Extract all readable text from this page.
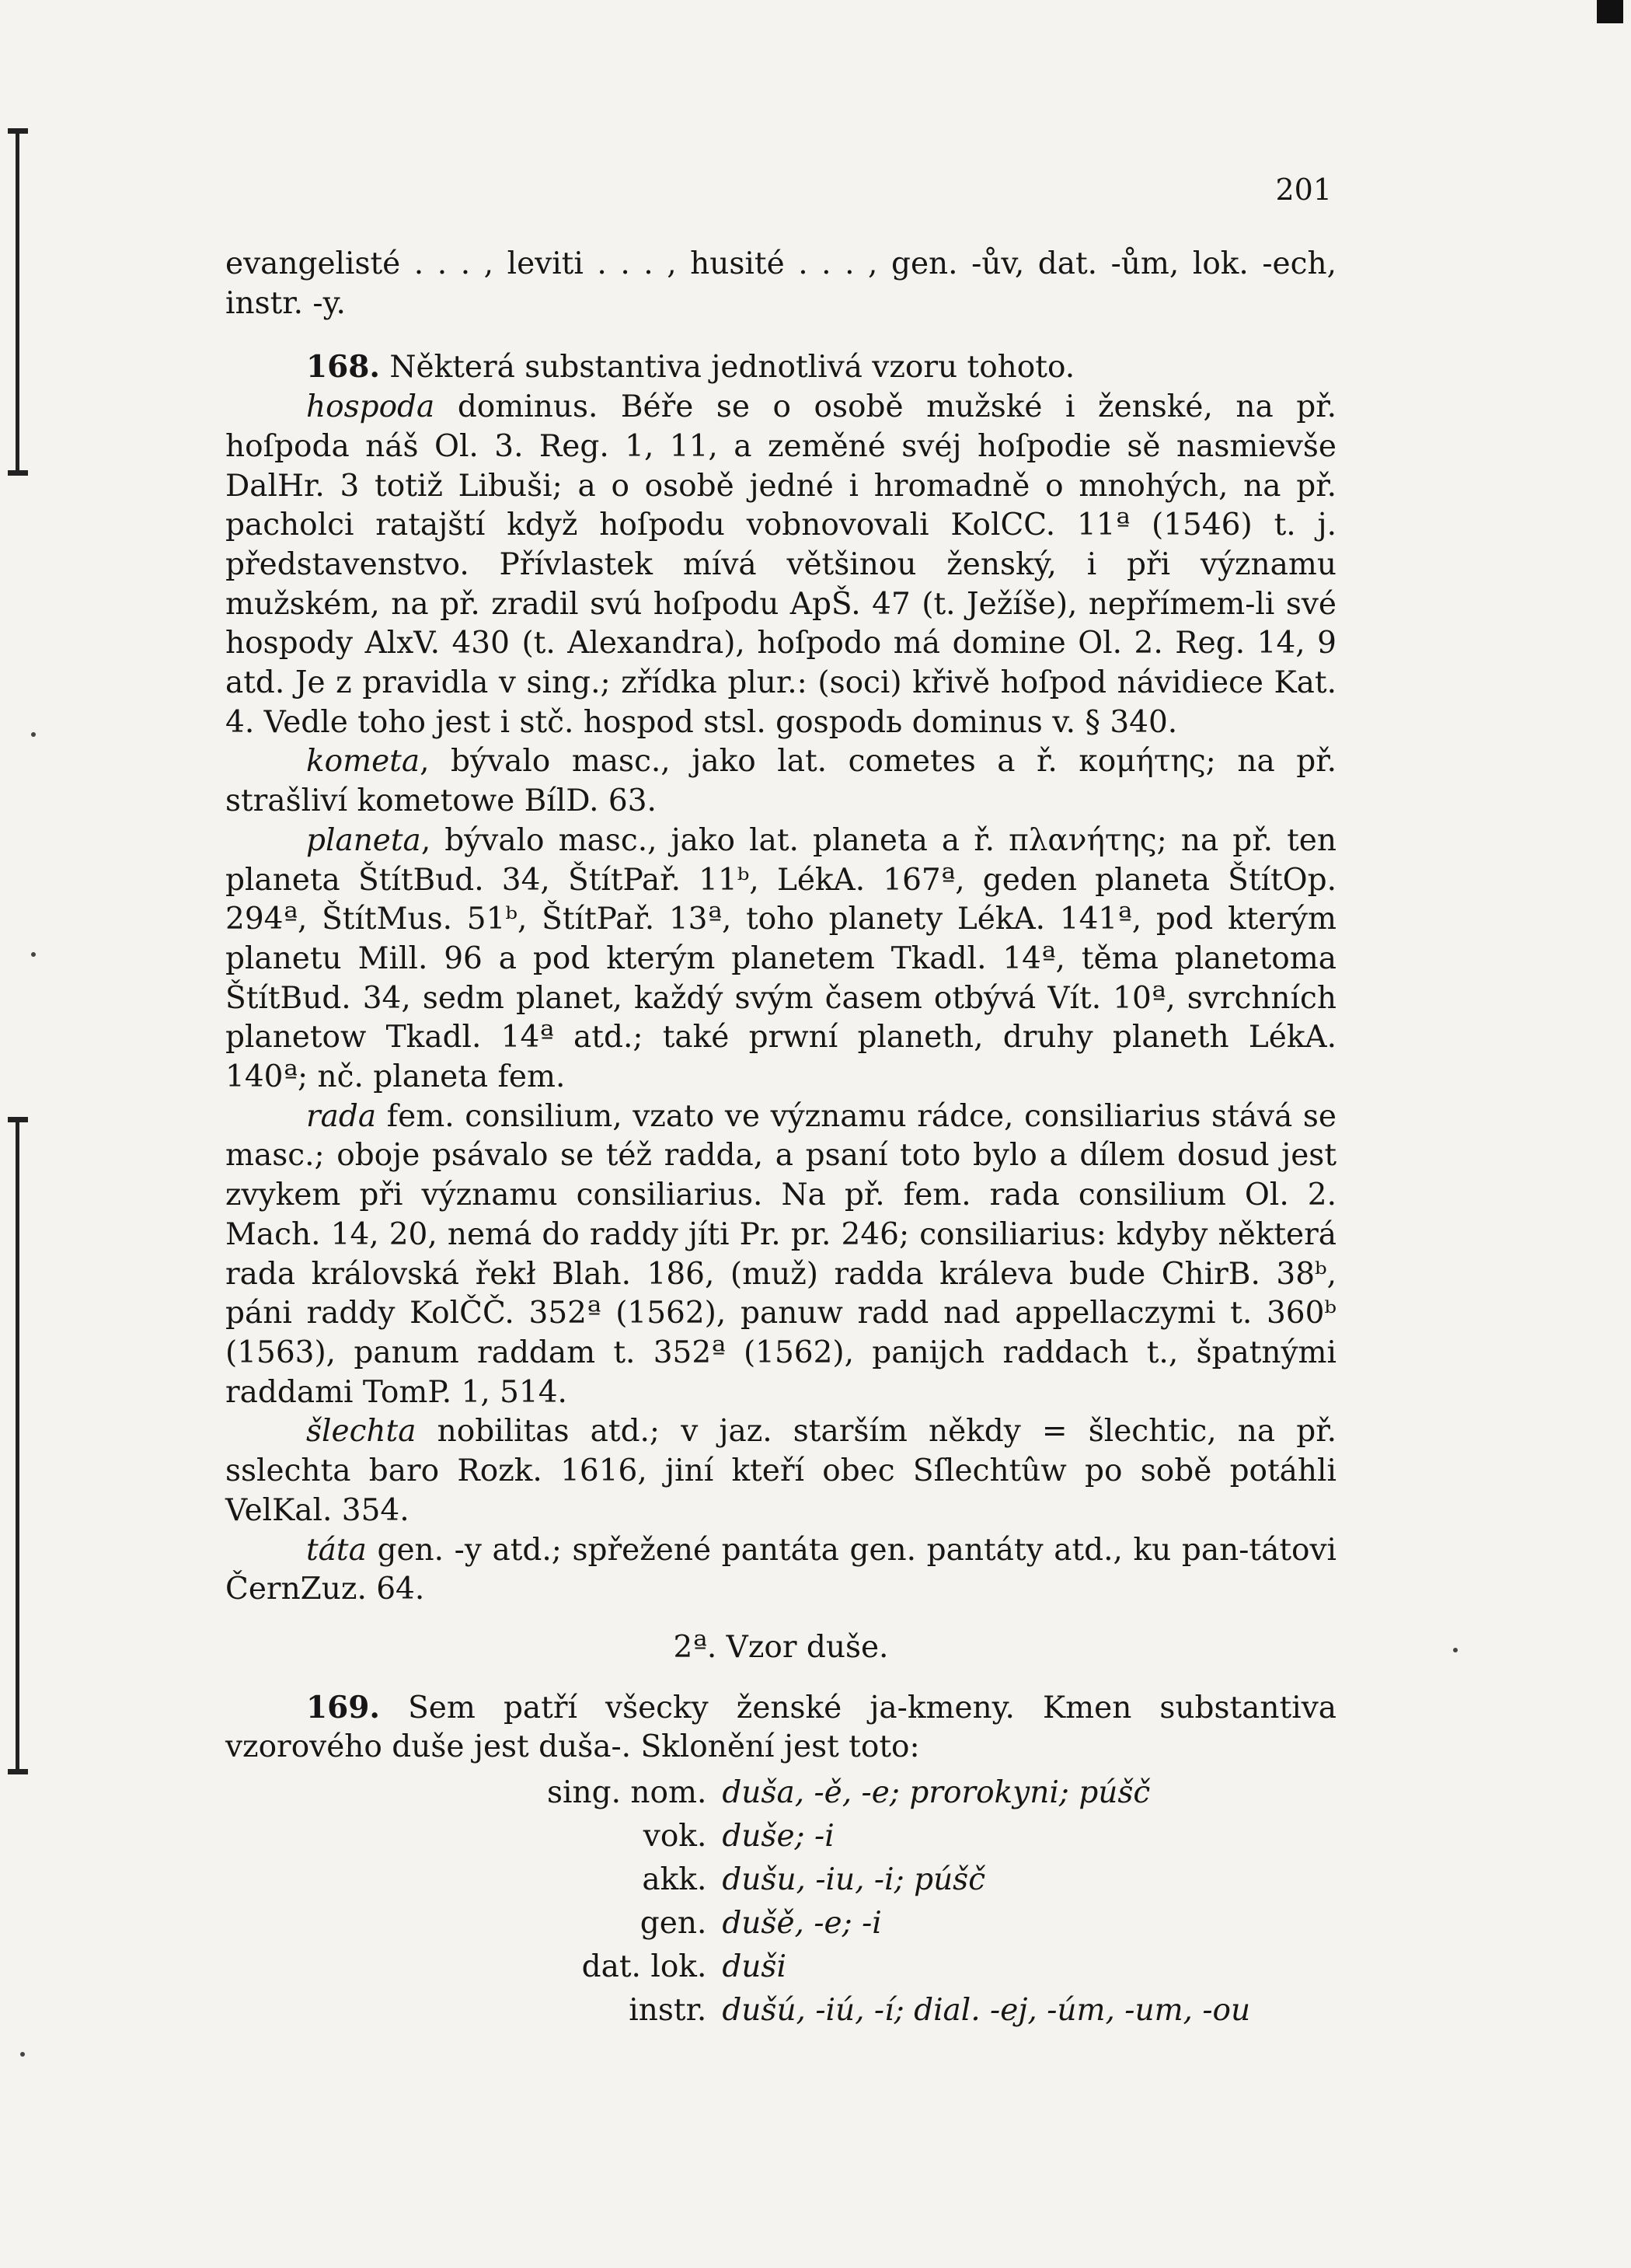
201

evangelisté . . . , leviti . . . , husité . . . , gen. -ův, dat. -ům, lok. -ech, instr. -y.

168. Některá substantiva jednotlivá vzoru tohoto.

hospoda dominus. Béře se o osobě mužské i ženské, na př. hoſpoda náš Ol. 3. Reg. 1, 11, a zeměné svéj hoſpodie sě nasmievše DalHr. 3 totiž Libuši; a o osobě jedné i hromadně o mnohých, na př. pacholci ratajští když hoſpodu vobnovovali KolCC. 11ª (1546) t. j. představenstvo. Přívlastek mívá většinou ženský, i při významu mužském, na př. zradil svú hoſpodu ApŠ. 47 (t. Ježíše), nepřímem-li své hospody AlxV. 430 (t. Alexandra), hoſpodo má domine Ol. 2. Reg. 14, 9 atd. Je z pravidla v sing.; zřídka plur.: (soci) křivě hoſpod návidiece Kat. 4. Vedle toho jest i stč. hospod stsl. gospodь dominus v. § 340.

kometa, bývalo masc., jako lat. cometes a ř. κομήτης; na př. strašliví kometowe BílD. 63.

planeta, bývalo masc., jako lat. planeta a ř. πλανήτης; na př. ten planeta ŠtítBud. 34, ŠtítPař. 11ᵇ, LékA. 167ª, geden planeta ŠtítOp. 294ª, ŠtítMus. 51ᵇ, ŠtítPař. 13ª, toho planety LékA. 141ª, pod kterým planetu Mill. 96 a pod kterým planetem Tkadl. 14ª, těma planetoma ŠtítBud. 34, sedm planet, každý svým časem otbývá Vít. 10ª, svrchních planetow Tkadl. 14ª atd.; také prwní planeth, druhy planeth LékA. 140ª; nč. planeta fem.

rada fem. consilium, vzato ve významu rádce, consiliarius stává se masc.; oboje psávalo se též radda, a psaní toto bylo a dílem dosud jest zvykem při významu consiliarius. Na př. fem. rada consilium Ol. 2. Mach. 14, 20, nemá do raddy jíti Pr. pr. 246; consiliarius: kdyby některá rada královská řekł Blah. 186, (muž) radda králeva bude ChirB. 38ᵇ, páni raddy KolČČ. 352ª (1562), panuw radd nad appellaczymi t. 360ᵇ (1563), panum raddam t. 352ª (1562), panijch raddach t., špatnými raddami TomP. 1, 514.

šlechta nobilitas atd.; v jaz. starším někdy = šlechtic, na př. sslechta baro Rozk. 1616, jiní kteří obec Sſlechtûw po sobě potáhli VelKal. 354.

táta gen. -y atd.; spřežené pantáta gen. pantáty atd., ku pan-tátovi ČernZuz. 64.

2ª. Vzor duše.

169. Sem patří všecky ženské ja-kmeny. Kmen substantiva vzorového duše jest duša-. Sklonění jest toto:

sing. nom.	duša, -ě, -e; prorokyni; púšč
vok.	duše; -i
akk.	dušu, -iu, -i; púšč
gen.	dušě, -e; -i
dat. lok.	duši
instr.	dušú, -iú, -í; dial. -ej, -úm, -um, -ou
